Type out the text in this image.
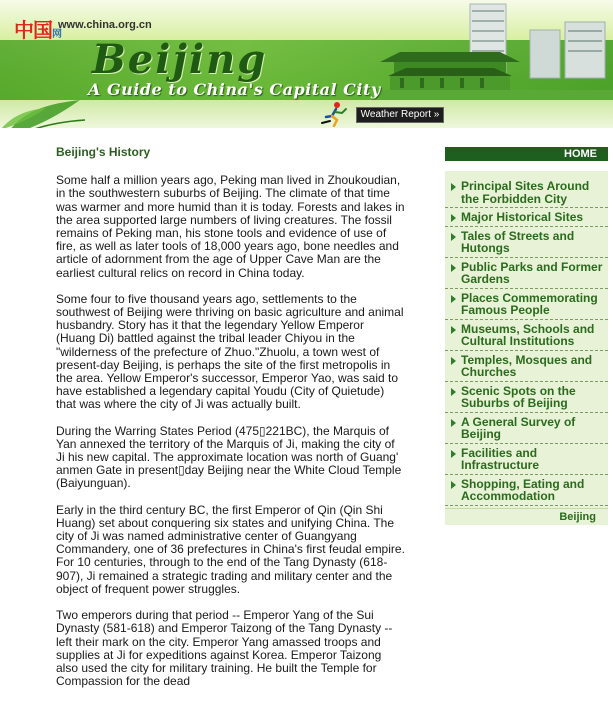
中国网
www.china.org.cn
Beijing
A Guide to China's Capital City
Weather Report »
Beijing's History

Some half a million years ago, Peking man lived in Zhoukoudian, in the southwestern suburbs of Beijing. The climate of that time was warmer and more humid than it is today. Forests and lakes in the area supported large numbers of living creatures. The fossil remains of Peking man, his stone tools and evidence of use of fire, as well as later tools of 18,000 years ago, bone needles and article of adornment from the age of Upper Cave Man are the earliest cultural relics on record in China today.

Some four to five thousand years ago, settlements to the southwest of Beijing were thriving on basic agriculture and animal husbandry. Story has it that the legendary Yellow Emperor (Huang Di) battled against the tribal leader Chiyou in the "wilderness of the prefecture of Zhuo."Zhuolu, a town west of present-day Beijing, is perhaps the site of the first metropolis in the area. Yellow Emperor's successor, Emperor Yao, was said to have established a legendary capital Youdu (City of Quietude) that was where the city of Ji was actually built.

During the Warring States Period (475▯221BC), the Marquis of Yan annexed the territory of the Marquis of Ji, making the city of Ji his new capital. The approximate location was north of Guang' anmen Gate in present▯day Beijing near the White Cloud Temple (Baiyunguan).

Early in the third century BC, the first Emperor of Qin (Qin Shi Huang) set about conquering six states and unifying China. The city of Ji was named administrative center of Guangyang Commandery, one of 36 prefectures in China's first feudal empire. For 10 centuries, through to the end of the Tang Dynasty (618-907), Ji remained a strategic trading and military center and the object of frequent power struggles.

Two emperors during that period -- Emperor Yang of the Sui Dynasty (581-618) and Emperor Taizong of the Tang Dynasty -- left their mark on the city. Emperor Yang amassed troops and supplies at Ji for expeditions against Korea. Emperor Taizong also used the city for military training. He built the Temple for Compassion for the dead

HOME
Principal Sites Around the Forbidden City
Major Historical Sites
Tales of Streets and Hutongs
Public Parks and Former Gardens
Places Commemorating Famous People
Museums, Schools and Cultural Institutions
Temples, Mosques and Churches
Scenic Spots on the Suburbs of Beijing
A General Survey of Beijing
Facilities and Infrastructure
Shopping, Eating and Accommodation
Beijing
